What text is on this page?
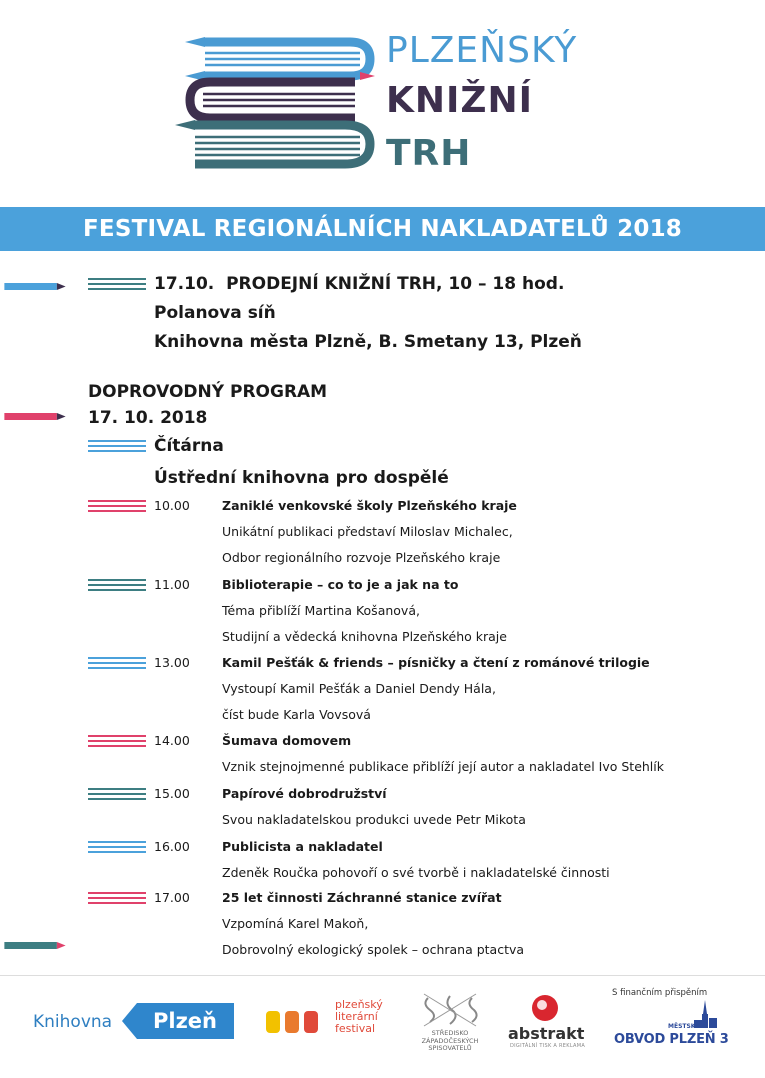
PLZEŇSKÝ
KNIŽNÍ
TRH
FESTIVAL REGIONÁLNÍCH NAKLADATELŮ 2018
17.10. PRODEJNÍ KNIŽNÍ TRH, 10 – 18 hod.
Polanova síň
Knihovna města Plzně, B. Smetany 13, Plzeň
DOPROVODNÝ PROGRAM
17. 10. 2018
Čítárna
Ústřední knihovna pro dospělé
10.00	Zaniklé venkovské školy Plzeňského kraje
Unikátní publikaci představí Miloslav Michalec,
Odbor regionálního rozvoje Plzeňského kraje
11.00	Biblioterapie – co to je a jak na to
Téma přiblíží Martina Košanová,
Studijní a vědecká knihovna Plzeňského kraje
13.00	Kamil Pešťák & friends – písničky a čtení z románové trilogie
Vystoupí Kamil Pešťák a Daniel Dendy Hála,
číst bude Karla Vovsová
14.00	Šumava domovem
Vznik stejnojmenné publikace přiblíží její autor a nakladatel Ivo Stehlík
15.00	Papírové dobrodružství
Svou nakladatelskou produkci uvede Petr Mikota
16.00	Publicista a nakladatel
Zdeněk Roučka pohovoří o své tvorbě i nakladatelské činnosti
17.00	25 let činnosti Záchranné stanice zvířat
Vzpomíná Karel Makoň,
Dobrovolný ekologický spolek – ochrana ptactva
Knihovna	Plzeň
plzeňský
literární
festival	STŘEDISKO
ZÁPADOČESKÝCH
SPISOVATELŮ
abstrakt
DIGITÁLNÍ TISK A REKLAMA
S finančním přispěním
MĚSTSKÝ
OBVOD PLZEŇ 3
